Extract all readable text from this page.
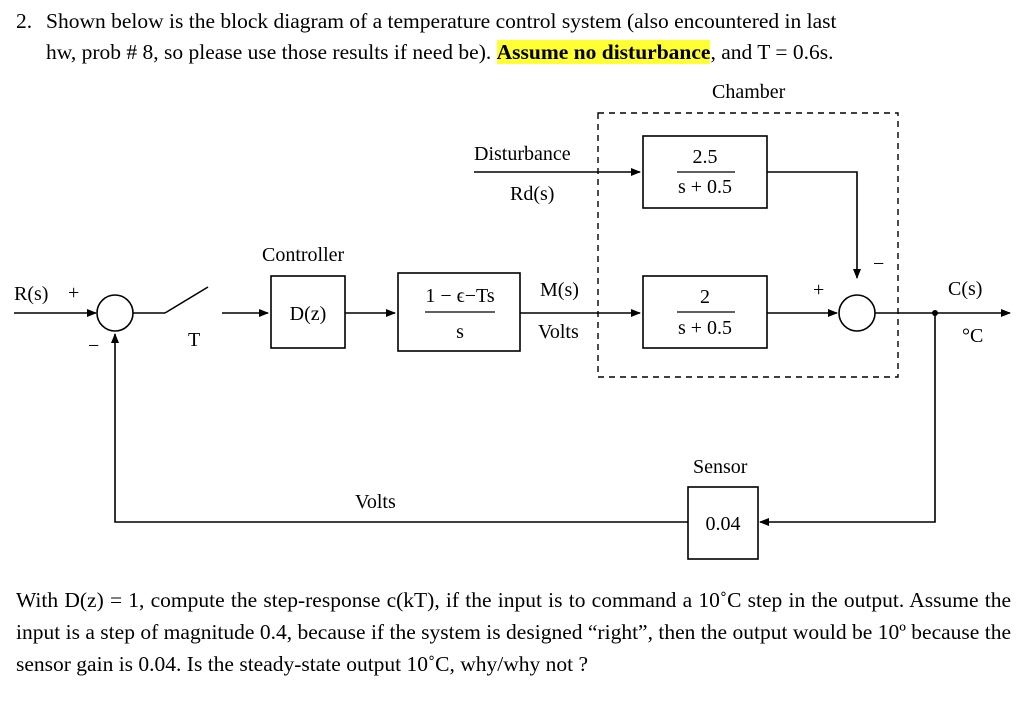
2. Shown below is the block diagram of a temperature control system (also encountered in last
hw, prob # 8, so please use those results if need be). Assume no disturbance, and T = 0.6s.
Chamber
Disturbance
Rd(s)
2.5
s + 0.5
−
R(s) +
−	T
Controller
D(z)
1 − ϵ−Ts
s
M(s)
Volts
2
s + 0.5
+	C(s)
°C
Sensor
0.04
Volts
With D(z) = 1, compute the step-response c(kT), if the input is to command a 10˚C step in the output. Assume the input is a step of magnitude 0.4, because if the system is designed “right”, then the output would be 10º because the sensor gain is 0.04. Is the steady-state output 10˚C, why/why not ?
